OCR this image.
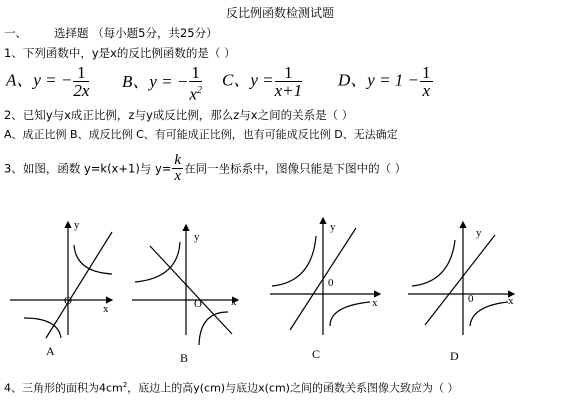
反比例函数检测试题
一、 选择题 （每小题5分，共25分）
1、下列函数中，y是x的反比例函数的是（ ）
A、y = − $\frac{1}{2x}$ B、y = − $\frac{1}{x^2}$ C、$y = \frac{1}{x+1}$ D、$y = 1 - \frac{1}{x}$
2、已知y与x成正比例，z与y成反比例，那么z与x之间的关系是（ ）
A、成正比例 B、成反比例 C、有可能成正比例，也有可能成反比例 D、无法确定
3、如图，函数 y=k(x+1)与 $y= \frac{k}{x}$ 在同一坐标系中，图像只能是下图中的（ ）
y
x
O
y
x
O
y
x
0
y
x
0
A	B	C	D
4、三角形的面积为$4cm^2$，底边上的高y(cm)与底边x(cm)之间的函数关系图像大致应为（ ）
